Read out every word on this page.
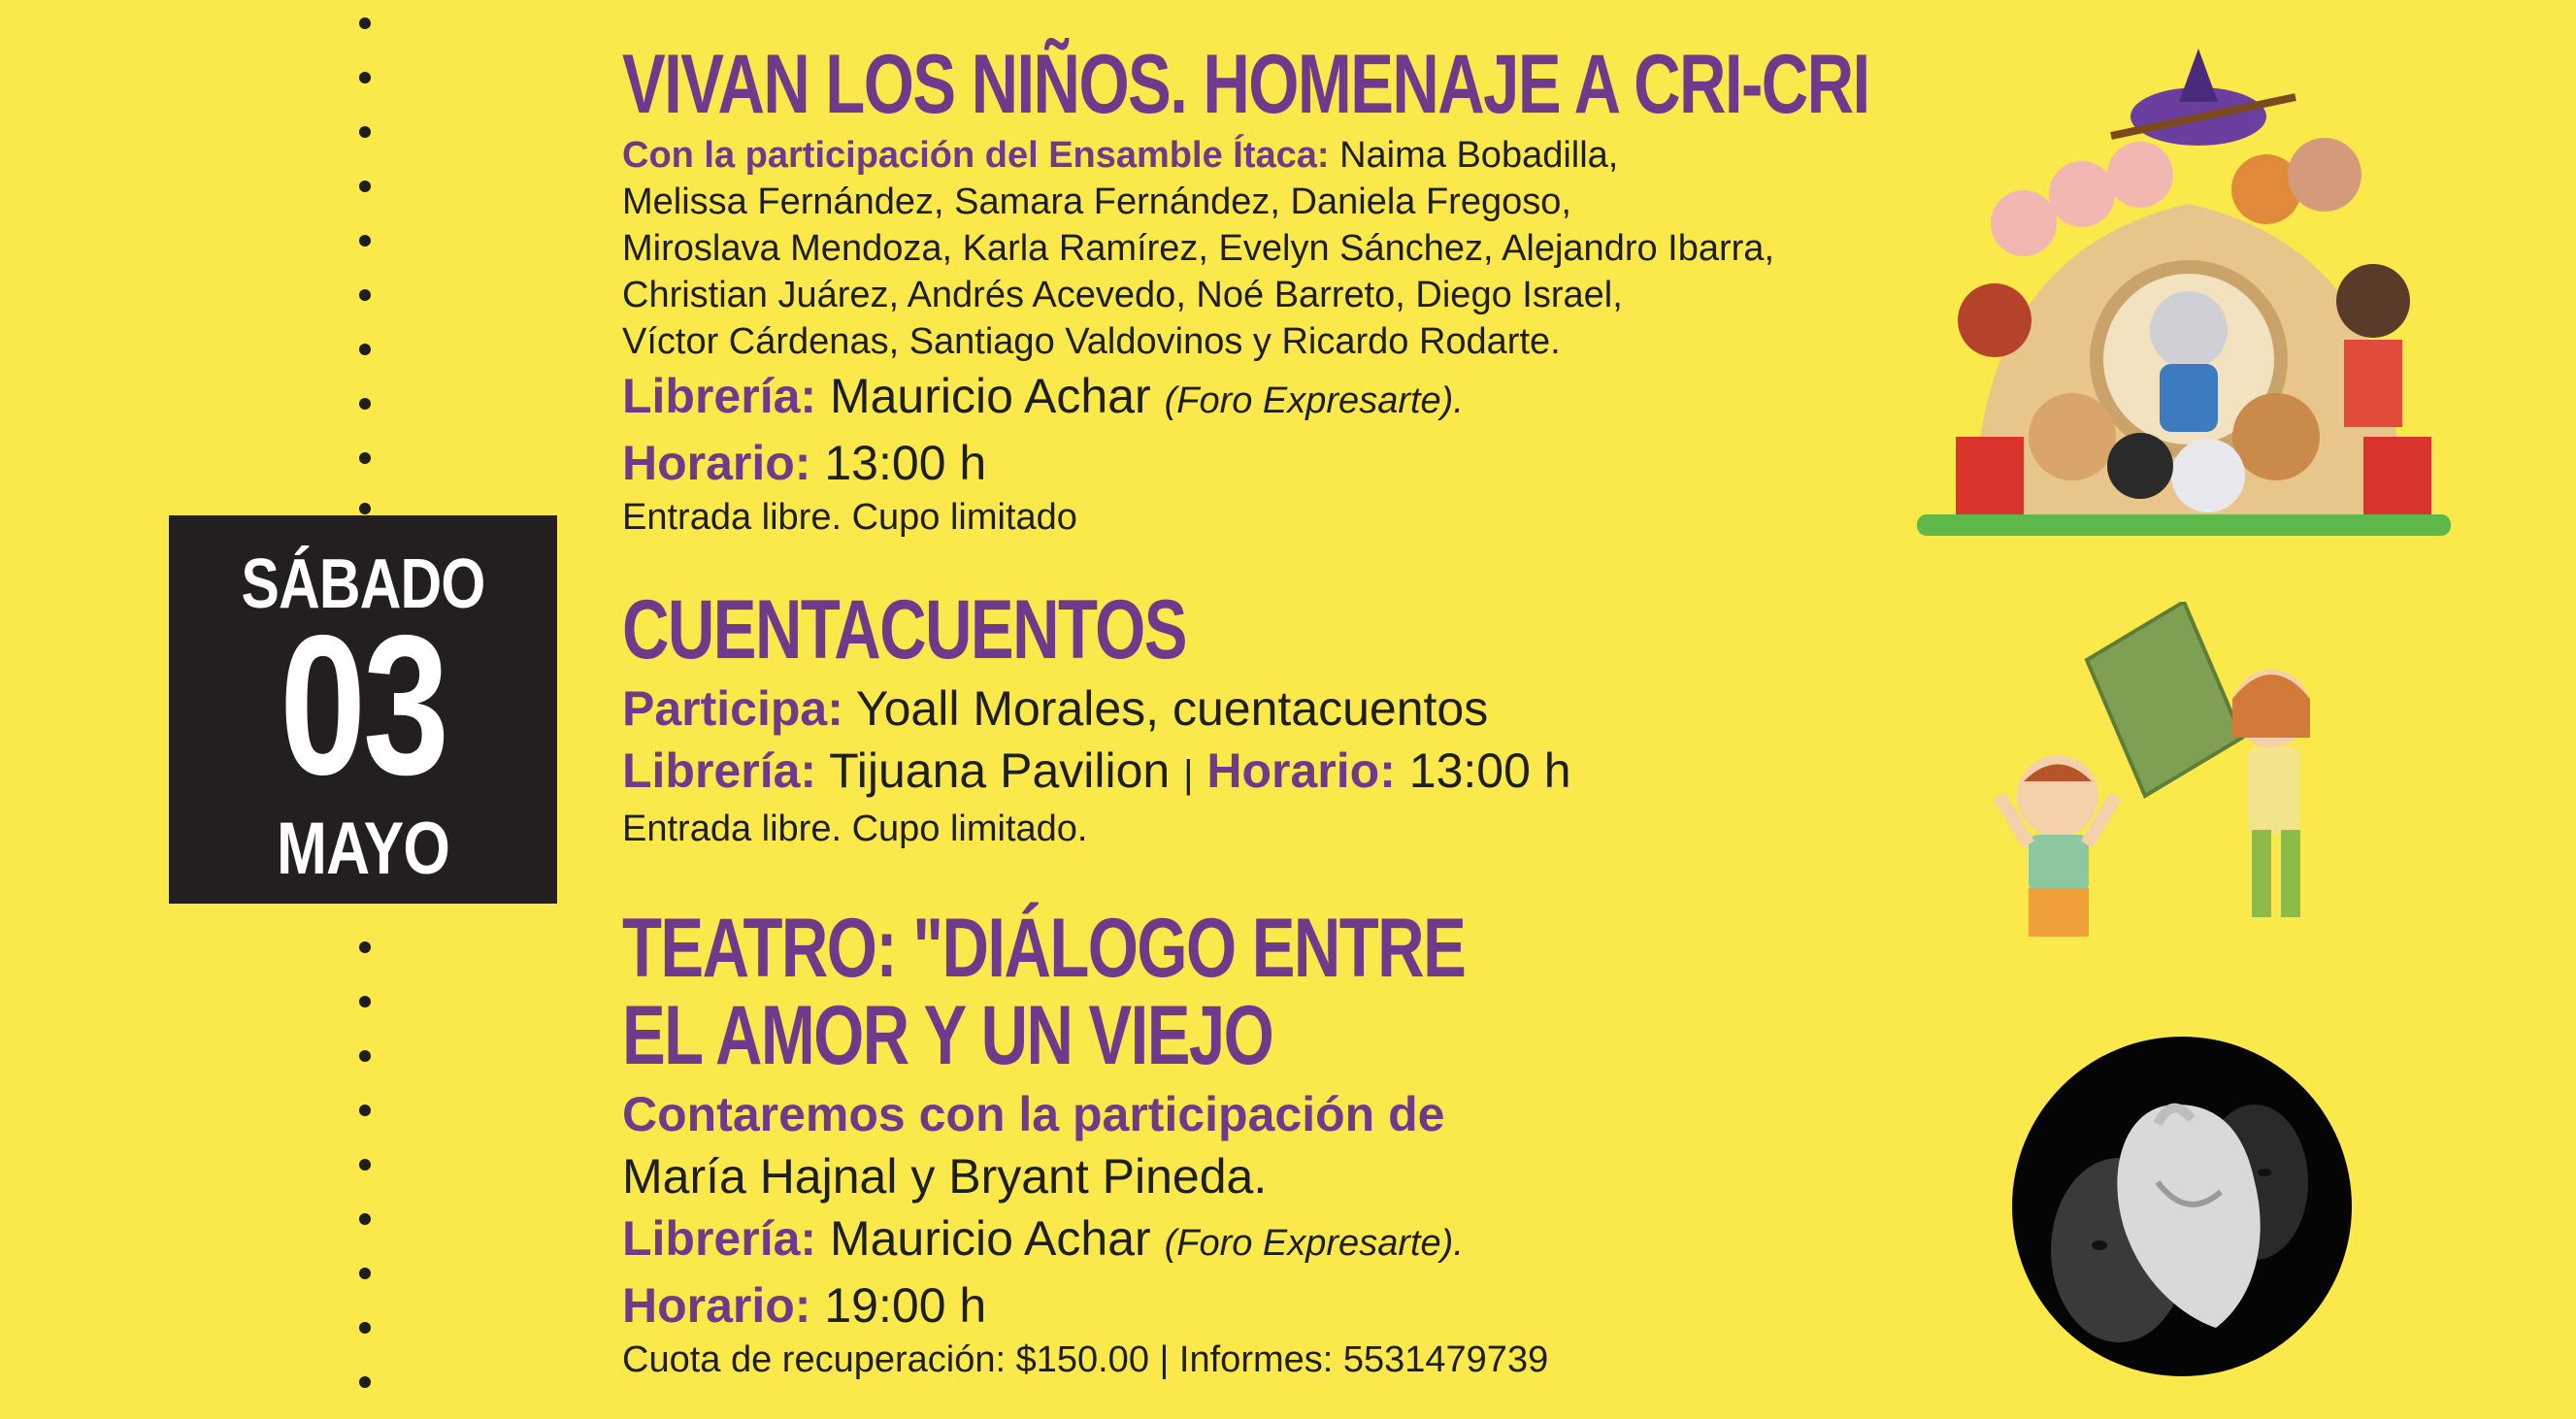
SÁBADO
03
MAYO
VIVAN LOS NIÑOS. HOMENAJE A CRI-CRI
Con la participación del Ensamble Ítaca: Naima Bobadilla,
Melissa Fernández, Samara Fernández, Daniela Fregoso,
Miroslava Mendoza, Karla Ramírez, Evelyn Sánchez, Alejandro Ibarra,
Christian Juárez, Andrés Acevedo, Noé Barreto, Diego Israel,
Víctor Cárdenas, Santiago Valdovinos y Ricardo Rodarte.
Librería: Mauricio Achar (Foro Expresarte).
Horario: 13:00 h
Entrada libre. Cupo limitado
CUENTACUENTOS
Participa: Yoall Morales, cuentacuentos
Librería: Tijuana Pavilion | Horario: 13:00 h
Entrada libre. Cupo limitado.
TEATRO: "DIÁLOGO ENTRE
EL AMOR Y UN VIEJO
Contaremos con la participación de
María Hajnal y Bryant Pineda.
Librería: Mauricio Achar (Foro Expresarte).
Horario: 19:00 h
Cuota de recuperación: $150.00 | Informes: 5531479739
